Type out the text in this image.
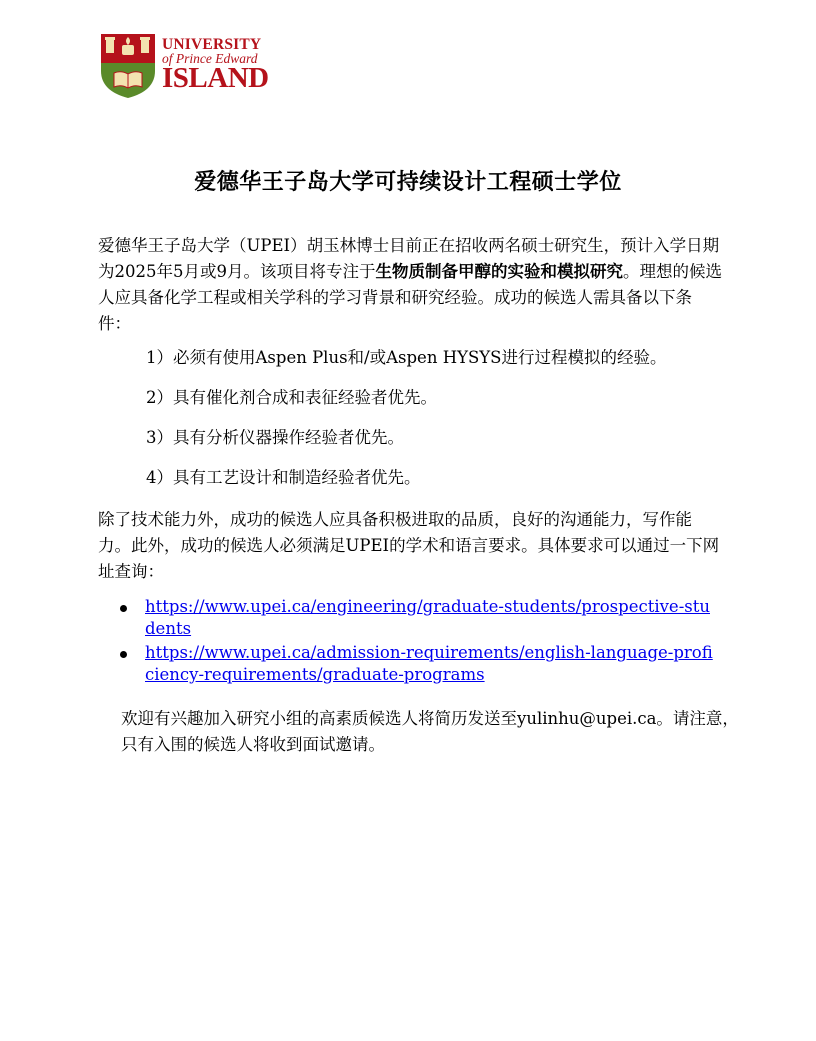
UNIVERSITY
of Prince Edward
ISLAND
爱德华王子岛大学可持续设计工程硕士学位
爱德华王子岛大学（UPEI）胡玉林博士目前正在招收两名硕士研究生，预计入学日期为2025年5月或9月。该项目将专注于生物质制备甲醇的实验和模拟研究。理想的候选人应具备化学工程或相关学科的学习背景和研究经验。成功的候选人需具备以下条件：
1）必须有使用Aspen Plus和/或Aspen HYSYS进行过程模拟的经验。
2）具有催化剂合成和表征经验者优先。
3）具有分析仪器操作经验者优先。
4）具有工艺设计和制造经验者优先。
除了技术能力外，成功的候选人应具备积极进取的品质，良好的沟通能力，写作能力。此外，成功的候选人必须满足UPEI的学术和语言要求。具体要求可以通过一下网址查询：
https://www.upei.ca/engineering/graduate-students/prospective-students
https://www.upei.ca/admission-requirements/english-language-proficiency-requirements/graduate-programs
欢迎有兴趣加入研究小组的高素质候选人将简历发送至yulinhu@upei.ca。请注意，只有入围的候选人将收到面试邀请。
